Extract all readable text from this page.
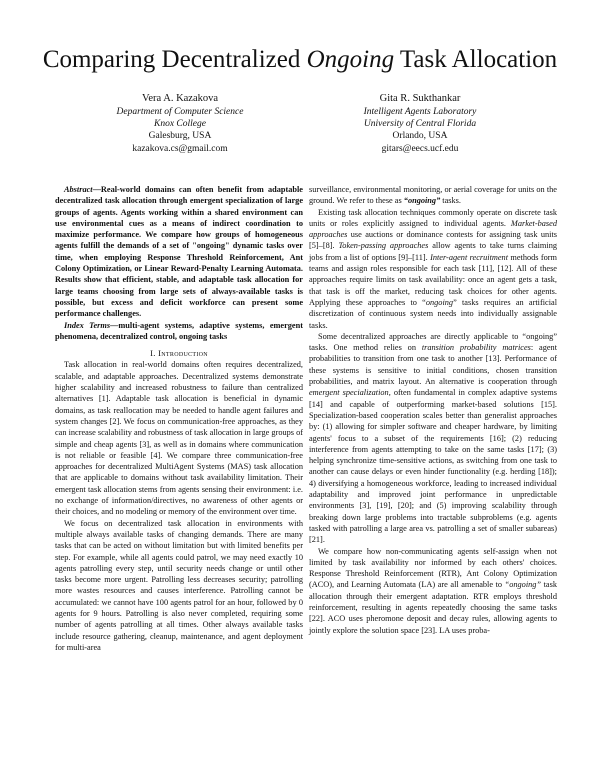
Comparing Decentralized Ongoing Task Allocation
Vera A. Kazakova
Department of Computer Science
Knox College
Galesburg, USA
kazakova.cs@gmail.com
Gita R. Sukthankar
Intelligent Agents Laboratory
University of Central Florida
Orlando, USA
gitars@eecs.ucf.edu

Abstract—Real-world domains can often benefit from adaptable decentralized task allocation through emergent specialization of large groups of agents. Agents working within a shared environment can use environmental cues as a means of indirect coordination to maximize performance. We compare how groups of homogeneous agents fulfill the demands of a set of "ongoing" dynamic tasks over time, when employing Response Threshold Reinforcement, Ant Colony Optimization, or Linear Reward-Penalty Learning Automata. Results show that efficient, stable, and adaptable task allocation for large teams choosing from large sets of always-available tasks is possible, but excess and deficit workforce can present some performance challenges.

Index Terms—multi-agent systems, adaptive systems, emergent phenomena, decentralized control, ongoing tasks

I. Introduction

Task allocation in real-world domains often requires decentralized, scalable, and adaptable approaches. Decentralized systems demonstrate higher scalability and increased robustness to failure than centralized alternatives [1]. Adaptable task allocation is beneficial in dynamic domains, as task reallocation may be needed to handle agent failures and system changes [2]. We focus on communication-free approaches, as they can increase scalability and robustness of task allocation in large groups of simple and cheap agents [3], as well as in domains where communication is not reliable or feasible [4]. We compare three communication-free approaches for decentralized MultiAgent Systems (MAS) task allocation that are applicable to domains without task availability limitation. Their emergent task allocation stems from agents sensing their environment: i.e. no exchange of information/directives, no awareness of other agents or their choices, and no modeling or memory of the environment over time.

We focus on decentralized task allocation in environments with multiple always available tasks of changing demands. There are many tasks that can be acted on without limitation but with limited benefits per step. For example, while all agents could patrol, we may need exactly 10 agents patrolling every step, until security needs change or until other tasks become more urgent. Patrolling less decreases security; patrolling more wastes resources and causes interference. Patrolling cannot be accumulated: we cannot have 100 agents patrol for an hour, followed by 0 agents for 9 hours. Patrolling is also never completed, requiring some number of agents patrolling at all times. Other always available tasks include resource gathering, cleanup, maintenance, and agent deployment for multi-area

surveillance, environmental monitoring, or aerial coverage for units on the ground. We refer to these as “ongoing” tasks.

Existing task allocation techniques commonly operate on discrete task units or roles explicitly assigned to individual agents. Market-based approaches use auctions or dominance contests for assigning task units [5]–[8]. Token-passing approaches allow agents to take turns claiming jobs from a list of options [9]–[11]. Inter-agent recruitment methods form teams and assign roles responsible for each task [11], [12]. All of these approaches require limits on task availability: once an agent gets a task, that task is off the market, reducing task choices for other agents. Applying these approaches to “ongoing” tasks requires an artificial discretization of continuous system needs into individually assignable tasks.

Some decentralized approaches are directly applicable to “ongoing” tasks. One method relies on transition probability matrices: agent probabilities to transition from one task to another [13]. Performance of these systems is sensitive to initial conditions, chosen transition probabilities, and matrix layout. An alternative is cooperation through emergent specialization, often fundamental in complex adaptive systems [14] and capable of outperforming market-based solutions [15]. Specialization-based cooperation scales better than generalist approaches by: (1) allowing for simpler software and cheaper hardware, by limiting agents' focus to a subset of the requirements [16]; (2) reducing interference from agents attempting to take on the same tasks [17]; (3) helping synchronize time-sensitive actions, as switching from one task to another can cause delays or even hinder functionality (e.g. herding [18]); 4) diversifying a homogeneous workforce, leading to increased individual adaptability and improved joint performance in unpredictable environments [3], [19], [20]; and (5) improving scalability through breaking down large problems into tractable subproblems (e.g. agents tasked with patrolling a large area vs. patrolling a set of smaller subareas) [21].

We compare how non-communicating agents self-assign when not limited by task availability nor informed by each others' choices. Response Threshold Reinforcement (RTR), Ant Colony Optimization (ACO), and Learning Automata (LA) are all amenable to “ongoing” task allocation through their emergent adaptation. RTR employs threshold reinforcement, resulting in agents repeatedly choosing the same tasks [22]. ACO uses pheromone deposit and decay rules, allowing agents to jointly explore the solution space [23]. LA uses proba-
